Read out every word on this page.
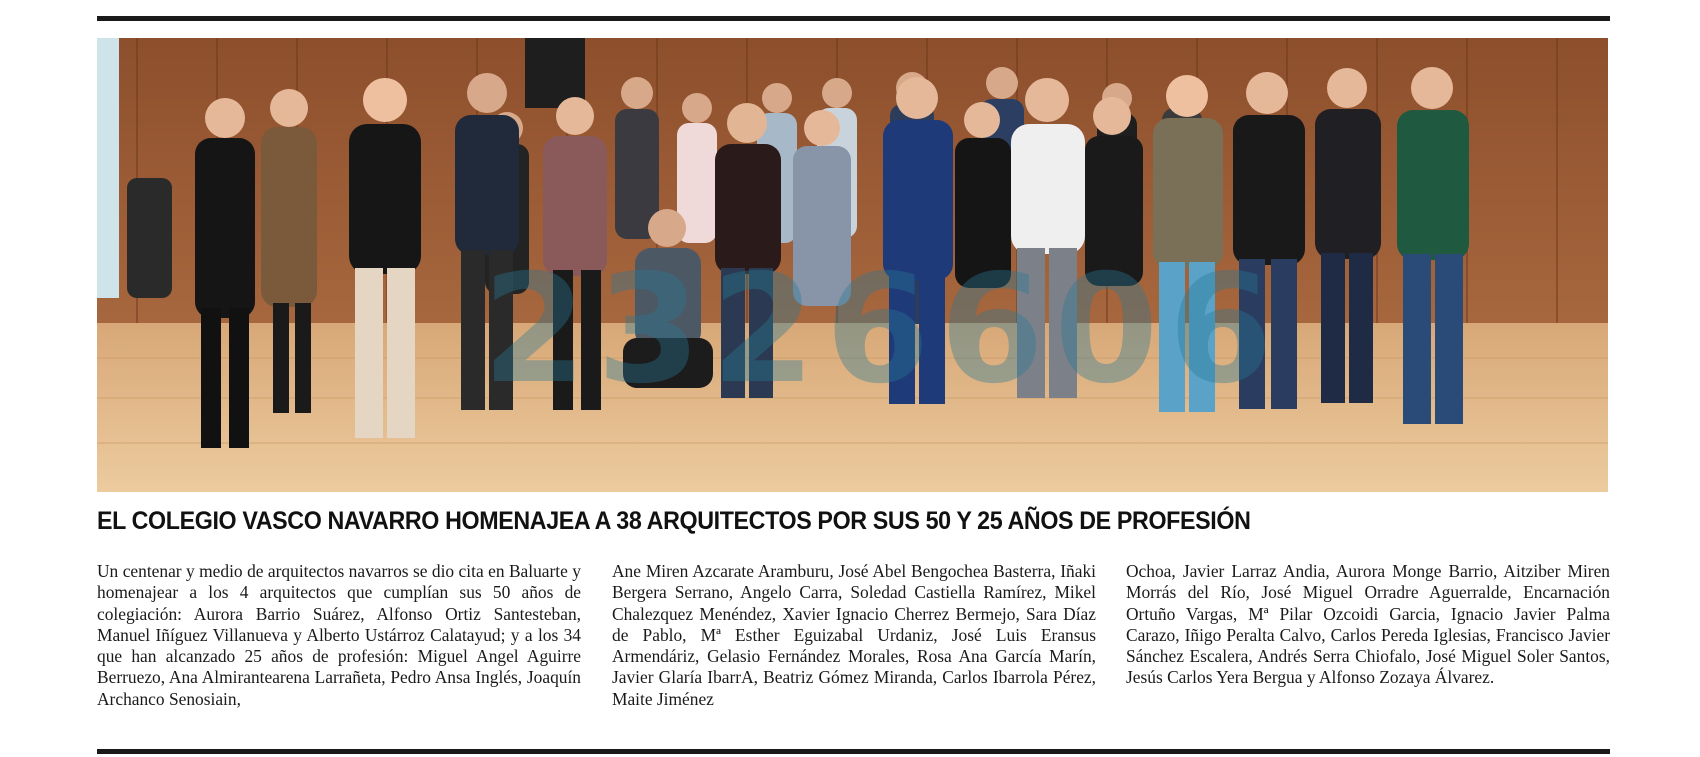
2326606
EL COLEGIO VASCO NAVARRO HOMENAJEA A 38 ARQUITECTOS POR SUS 50 Y 25 AÑOS DE PROFESIÓN

Un centenar y medio de arquitectos navarros se dio cita en Baluarte y homenajear a los 4 arquitectos que cumplían sus 50 años de colegiación: Aurora Barrio Suárez, Alfonso Ortiz Santesteban, Manuel Iñíguez Villanueva y Alberto Ustárroz Calatayud; y a los 34 que han alcanzado 25 años de profesión: Miguel Angel Aguirre Berruezo, Ana Almirantearena Larrañeta, Pedro Ansa Inglés, Joaquín Archanco Senosiain,

Ane Miren Azcarate Aramburu, José Abel Bengochea Basterra, Iñaki Bergera Serrano, Angelo Carra, Soledad Castiella Ramírez, Mikel Chalezquez Menéndez, Xavier Ignacio Cherrez Bermejo, Sara Díaz de Pablo, Mª Esther Eguizabal Urdaniz, José Luis Eransus Armendáriz, Gelasio Fernández Morales, Rosa Ana García Marín, Javier Glaría IbarrA, Beatriz Gómez Miranda, Carlos Ibarrola Pérez, Maite Jiménez

Ochoa, Javier Larraz Andia, Aurora Monge Barrio, Aitziber Miren Morrás del Río, José Miguel Orradre Aguerralde, Encarnación Ortuño Vargas, Mª Pilar Ozcoidi Garcia, Ignacio Javier Palma Carazo, Iñigo Peralta Calvo, Carlos Pereda Iglesias, Francisco Javier Sánchez Escalera, Andrés Serra Chiofalo, José Miguel Soler Santos, Jesús Carlos Yera Bergua y Alfonso Zozaya Álvarez.
